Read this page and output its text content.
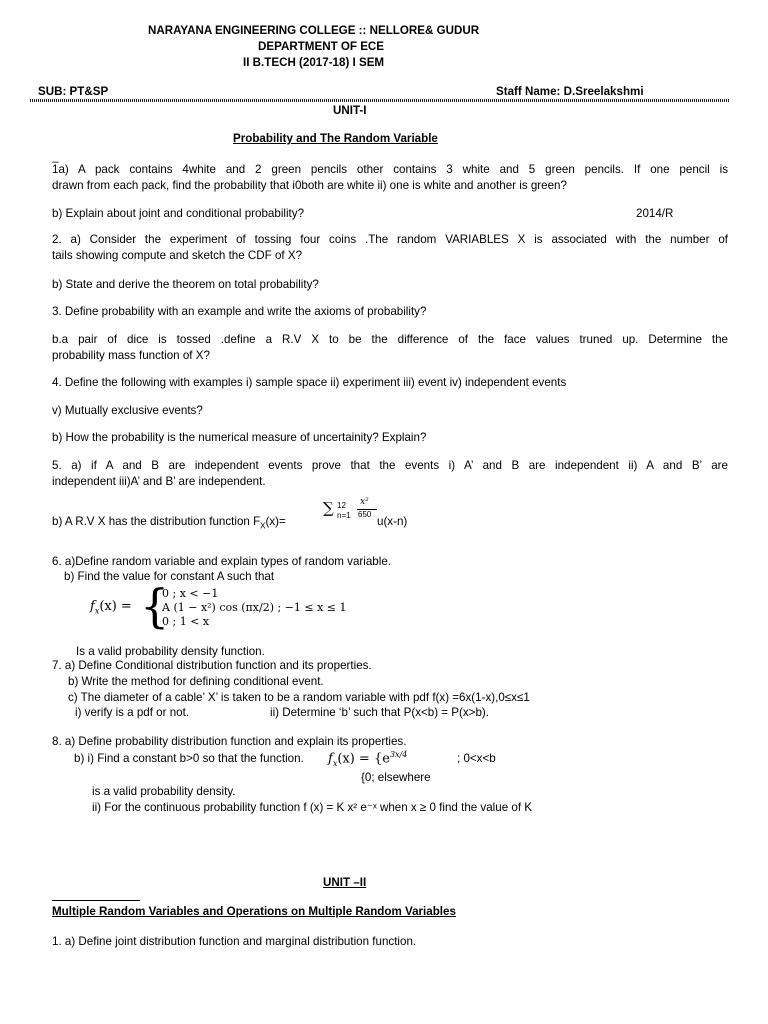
NARAYANA ENGINEERING COLLEGE :: NELLORE& GUDUR
DEPARTMENT OF ECE
II B.TECH (2017-18) I SEM
SUB: PT&SP	Staff Name: D.Sreelakshmi
UNIT-I
Probability and The Random Variable
_
1a) A pack contains 4white and 2 green pencils other contains 3 white and 5 green pencils. If one pencil is
drawn from each pack, find the probability that i0both are white ii) one is white and another is green?
b) Explain about joint and conditional probability?	2014/R
2. a) Consider the experiment of tossing four coins .The random VARIABLES X is associated with the number of
tails showing compute and sketch the CDF of X?
b) State and derive the theorem on total probability?
3. Define probability with an example and write the axioms of probability?
b.a pair of dice is tossed .define a R.V X to be the difference of the face values truned up. Determine the
probability mass function of X?
4. Define the following with examples i) sample space ii) experiment iii) event iv) independent events
v) Mutually exclusive events?
b) How the probability is the numerical measure of uncertainity? Explain?
5. a) if A and B are independent events prove that the events i) A’ and B are independent ii) A and B’ are
independent iii)A’ and B’ are independent.
b) A R.V X has the distribution function $F_X(x)=$
∑ 12
n=1
x²
650
u(x-n)
6. a)Define random variable and explain types of random variable.
b) Find the value for constant A such that
$f_x(x)$ = {
0 ; x < −1
A (1 − x²) cos (πx/2) ; −1 ≤ x ≤ 1
0 ; 1 < x
Is a valid probability density function.
7. a) Define Conditional distribution function and its properties.
b) Write the method for defining conditional event.
c) The diameter of a cable’ X’ is taken to be a random variable with pdf f(x) =6x(1-x),0≤x≤1
i) verify is a pdf or not.	ii) Determine ‘b’ such that P(x<b) = P(x>b).
8. a) Define probability distribution function and explain its properties.
b) i) Find a constant b>0 so that the function. $f_x(x) = \{e^{3x/4}$	; 0<x<b
{0; elsewhere
is a valid probability density.
ii) For the continuous probability function f (x) = K x² e⁻ˣ when x ≥ 0 find the value of K
UNIT –II
Multiple Random Variables and Operations on Multiple Random Variables
1. a) Define joint distribution function and marginal distribution function.
